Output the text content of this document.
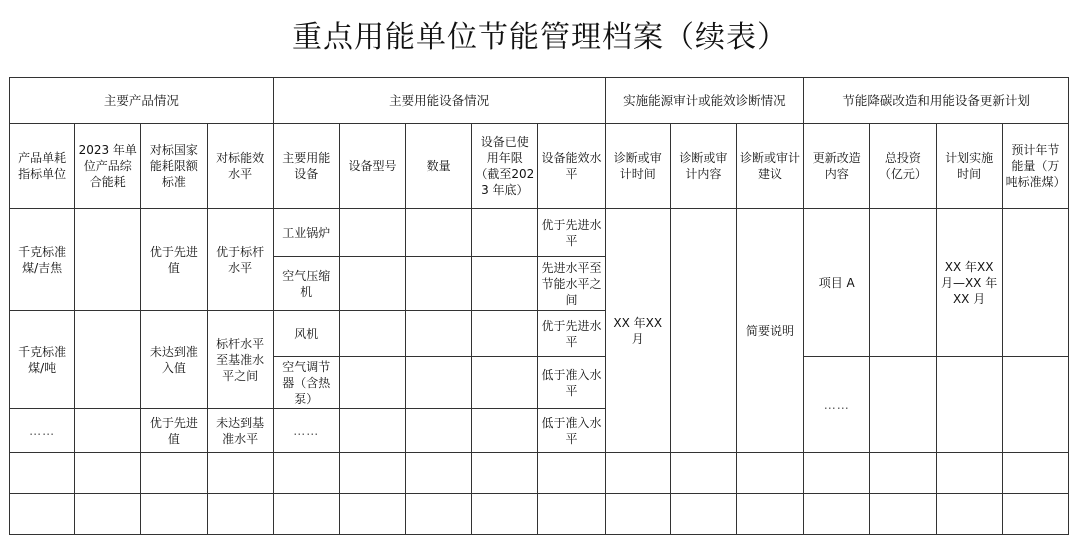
重点用能单位节能管理档案（续表）
主要产品情况				主要用能设备情况					实施能源审计或能效诊断情况			节能降碳改造和用能设备更新计划			
产品单耗指标单位	2023 年单位产品综合能耗	对标国家能耗限额标准	对标能效水平	主要用能设备	设备型号	数量	设备已使用年限（截至2023 年底）	设备能效水平	诊断或审计时间	诊断或审计内容	诊断或审计建议	更新改造内容	总投资（亿元）	计划实施时间	预计年节能量（万吨标准煤）
千克标准煤/吉焦		优于先进值	优于标杆水平	工业锅炉				优于先进水平	XX 年XX 月		简要说明	项目 A		XX 年XX 月—XX 年XX 月	
				空气压缩机				先进水平至节能水平之间							
千克标准煤/吨		未达到准入值	标杆水平至基准水平之间	风机				优于先进水平							
				空气调节器（含热泵）				低于准入水平				……			
……		优于先进值	未达到基准水平	……				低于准入水平							
